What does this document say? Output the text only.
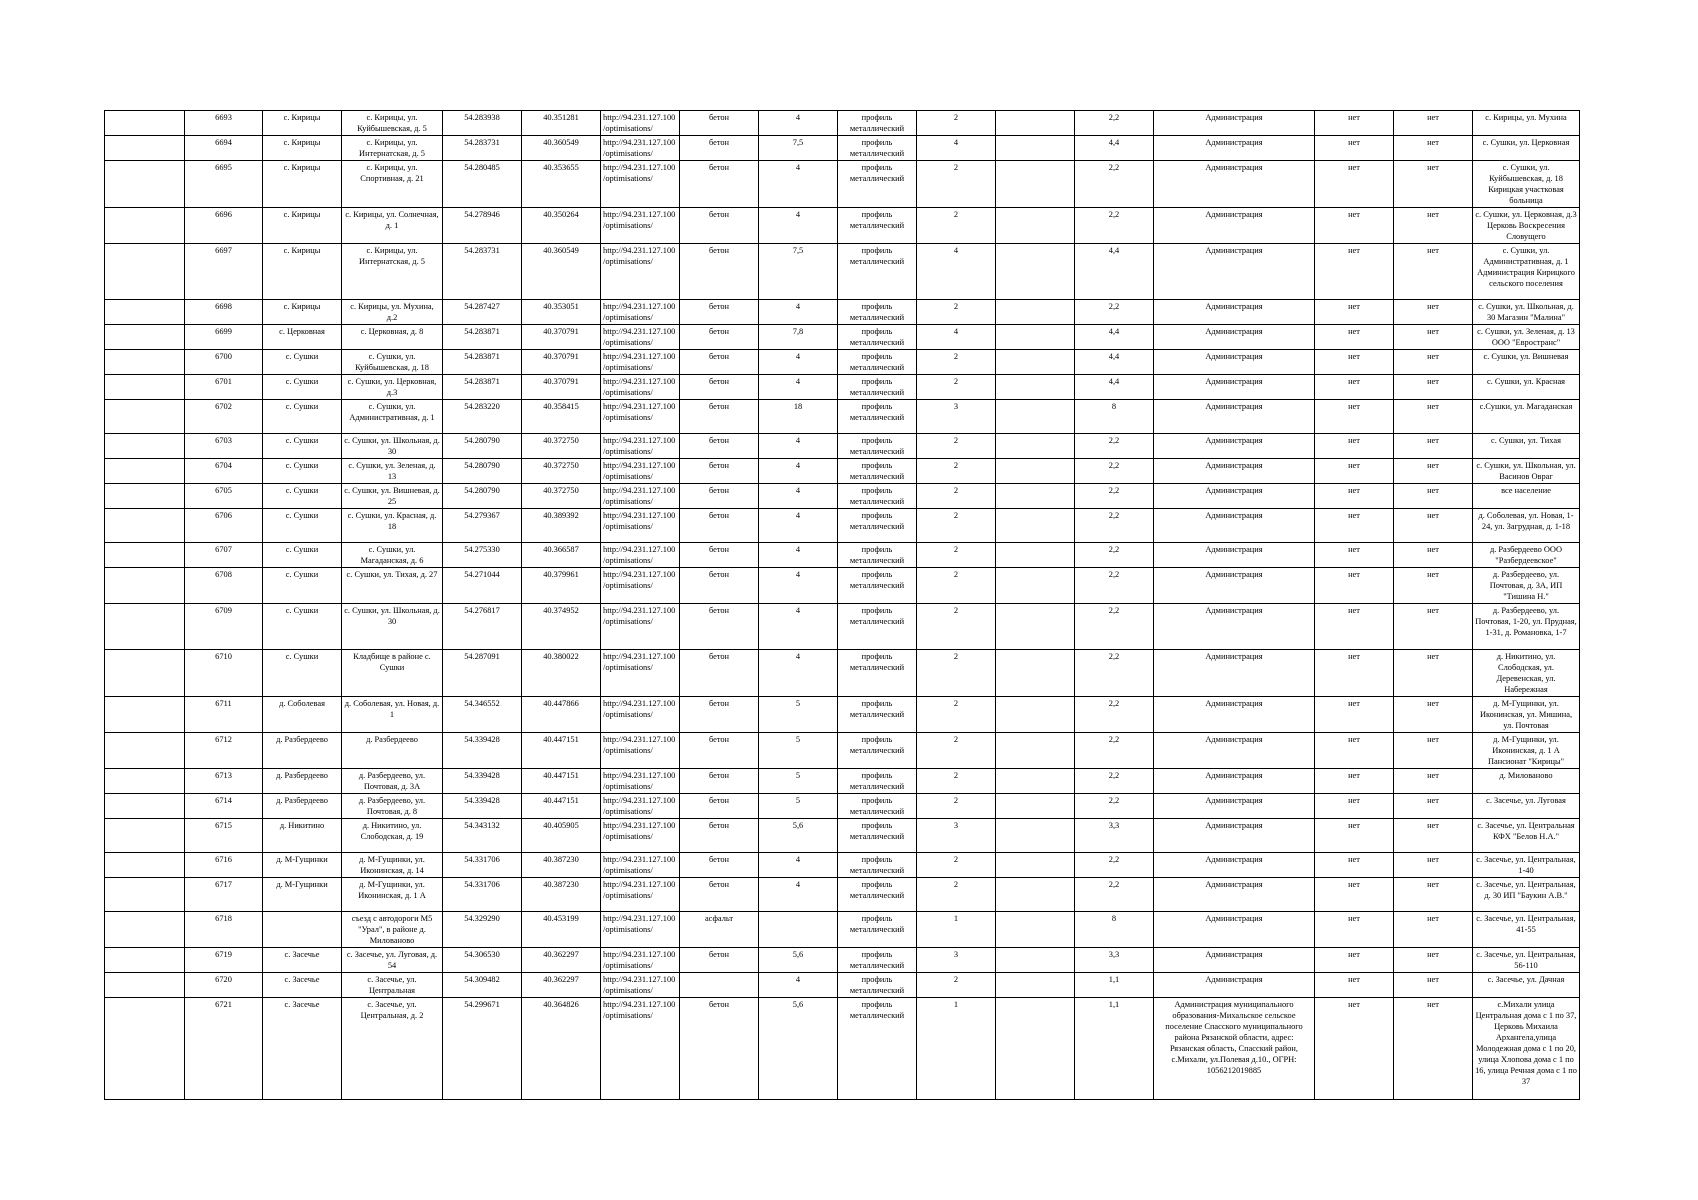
	6693	с. Кирицы	с. Кирицы, ул. Куйбышевская, д. 5	54.283938	40.351281	http://94.231.127.100/optimisations/	бетон	4	профиль металлический	2		2,2	Администрация	нет	нет	с. Кирицы, ул. Мухина
	6694	с. Кирицы	с. Кирицы, ул. Интернатская, д. 5	54.283731	40.360549	http://94.231.127.100/optimisations/	бетон	7,5	профиль металлический	4		4,4	Администрация	нет	нет	с. Сушки, ул. Церковная
	6695	с. Кирицы	с. Кирицы, ул. Спортивная, д. 21	54.280485	40.353655	http://94.231.127.100/optimisations/	бетон	4	профиль металлический	2		2,2	Администрация	нет	нет	с. Сушки, ул. Куйбышевская, д. 18 Кирицкая участковая больница
	6696	с. Кирицы	с. Кирицы, ул. Солнечная, д. 1	54.278946	40.350264	http://94.231.127.100/optimisations/	бетон	4	профиль металлический	2		2,2	Администрация	нет	нет	с. Сушки, ул. Церковная, д.3 Церковь Воскресения Словущего
	6697	с. Кирицы	с. Кирицы, ул. Интернатская, д. 5	54.283731	40.360549	http://94.231.127.100/optimisations/	бетон	7,5	профиль металлический	4		4,4	Администрация	нет	нет	с. Сушки, ул. Административная, д. 1 Администрация Кирицкого сельского поселения
	6698	с. Кирицы	с. Кирицы, ул. Мухина, д.2	54.287427	40.353051	http://94.231.127.100/optimisations/	бетон	4	профиль металлический	2		2,2	Администрация	нет	нет	с. Сушки, ул. Школьная, д. 30 Магазин "Малина"
	6699	с. Церковная	с. Церковная, д. 8	54.283871	40.370791	http://94.231.127.100/optimisations/	бетон	7,8	профиль металлический	4		4,4	Администрация	нет	нет	с. Сушки, ул. Зеленая, д. 13 ООО "Евространс"
	6700	с. Сушки	с. Сушки, ул. Куйбышевская, д. 18	54.283871	40.370791	http://94.231.127.100/optimisations/	бетон	4	профиль металлический	2		4,4	Администрация	нет	нет	с. Сушки, ул. Вишневая
	6701	с. Сушки	с. Сушки, ул. Церковная, д.3	54.283871	40.370791	http://94.231.127.100/optimisations/	бетон	4	профиль металлический	2		4,4	Администрация	нет	нет	с. Сушки, ул. Красная
	6702	с. Сушки	с. Сушки, ул. Административная, д. 1	54.283220	40.358415	http://94.231.127.100/optimisations/	бетон	18	профиль металлический	3		8	Администрация	нет	нет	с.Сушки, ул. Магаданская
	6703	с. Сушки	с. Сушки, ул. Школьная, д. 30	54.280790	40.372750	http://94.231.127.100/optimisations/	бетон	4	профиль металлический	2		2,2	Администрация	нет	нет	с. Сушки, ул. Тихая
	6704	с. Сушки	с. Сушки, ул. Зеленая, д. 13	54.280790	40.372750	http://94.231.127.100/optimisations/	бетон	4	профиль металлический	2		2,2	Администрация	нет	нет	с. Сушки, ул. Школьная, ул. Васинов Овраг
	6705	с. Сушки	с. Сушки, ул. Вишневая, д. 25	54.280790	40.372750	http://94.231.127.100/optimisations/	бетон	4	профиль металлический	2		2,2	Администрация	нет	нет	все население
	6706	с. Сушки	с. Сушки, ул. Красная, д. 18	54.279367	40.389392	http://94.231.127.100/optimisations/	бетон	4	профиль металлический	2		2,2	Администрация	нет	нет	д. Соболевая, ул. Новая, 1-24, ул. Загрудная, д. 1-18
	6707	с. Сушки	с. Сушки, ул. Магаданская, д. 6	54.275330	40.366587	http://94.231.127.100/optimisations/	бетон	4	профиль металлический	2		2,2	Администрация	нет	нет	д. Разбердеево ООО "Разбердеевское"
	6708	с. Сушки	с. Сушки, ул. Тихая, д. 27	54.271044	40.379961	http://94.231.127.100/optimisations/	бетон	4	профиль металлический	2		2,2	Администрация	нет	нет	д. Разбердеево, ул. Почтовая, д. 3А, ИП "Тишина Н."
	6709	с. Сушки	с. Сушки, ул. Школьная, д. 30	54.276817	40.374952	http://94.231.127.100/optimisations/	бетон	4	профиль металлический	2		2,2	Администрация	нет	нет	д. Разбердеево, ул. Почтовая, 1-20, ул. Прудная, 1-31, д. Романовка, 1-7
	6710	с. Сушки	Кладбище в районе с. Сушки	54.287091	40.380022	http://94.231.127.100/optimisations/	бетон	4	профиль металлический	2		2,2	Администрация	нет	нет	д. Никитино, ул. Слободская, ул. Деревенская, ул. Набережная
	6711	д. Соболевая	д. Соболевая, ул. Новая, д. 1	54.346552	40.447866	http://94.231.127.100/optimisations/	бетон	5	профиль металлический	2		2,2	Администрация	нет	нет	д. М-Гущинки, ул. Иконинская, ул. Мишина, ул. Почтовая
	6712	д. Разбердеево	д. Разбердеево	54.339428	40.447151	http://94.231.127.100/optimisations/	бетон	5	профиль металлический	2		2,2	Администрация	нет	нет	д. М-Гущинки, ул. Иконинская, д. 1 А Пансионат "Кирицы"
	6713	д. Разбердеево	д. Разбердеево, ул. Почтовая, д. 3А	54.339428	40.447151	http://94.231.127.100/optimisations/	бетон	5	профиль металлический	2		2,2	Администрация	нет	нет	д. Милованово
	6714	д. Разбердеево	д. Разбердеево, ул. Почтовая, д. 8	54.339428	40.447151	http://94.231.127.100/optimisations/	бетон	5	профиль металлический	2		2,2	Администрация	нет	нет	с. Засечье, ул. Луговая
	6715	д. Никитино	д. Никитино, ул. Слободская, д. 19	54.343132	40.405905	http://94.231.127.100/optimisations/	бетон	5,6	профиль металлический	3		3,3	Администрация	нет	нет	с. Засечье, ул. Центральная КФХ "Белов Н.А."
	6716	д. М-Гущинки	д. М-Гущинки, ул. Иконинская, д. 14	54.331706	40.387230	http://94.231.127.100/optimisations/	бетон	4	профиль металлический	2		2,2	Администрация	нет	нет	с. Засечье, ул. Центральная, 1-40
	6717	д. М-Гущинки	д. М-Гущинки, ул. Иконинская, д. 1 А	54.331706	40.387230	http://94.231.127.100/optimisations/	бетон	4	профиль металлический	2		2,2	Администрация	нет	нет	с. Засечье, ул. Центральная, д. 30 ИП "Баукин А.В."
	6718		съезд с автодороги М5 "Урал", в районе д. Милованово	54.329290	40.453199	http://94.231.127.100/optimisations/	асфальт		профиль металлический	1		8	Администрация	нет	нет	с. Засечье, ул. Центральная, 41-55
	6719	с. Засечье	с. Засечье, ул. Луговая, д. 54	54.306530	40.362297	http://94.231.127.100/optimisations/	бетон	5,6	профиль металлический	3		3,3	Администрация	нет	нет	с. Засечье, ул. Центральная, 56-110
	6720	с. Засечье	с. Засечье, ул. Центральная	54.309482	40.362297	http://94.231.127.100/optimisations/		4	профиль металлический	2		1,1	Администрация	нет	нет	с. Засечье, ул. Дачная
	6721	с. Засечье	с. Засечье, ул. Центральная, д. 2	54.299671	40.364826	http://94.231.127.100/optimisations/	бетон	5,6	профиль металлический	1		1,1	Администрация муниципального образования-Михальское сельское поселение Спасского муниципального района Рязанской области, адрес: Рязанская область, Спасский район, с.Михали, ул.Полевая д.10., ОГРН: 1056212019885	нет	нет	с.Михали улица Центральная дома с 1 по 37, Церковь Михаила Архангела,улица Молодежная дома с 1 по 20, улица Хлопова дома с 1 по 16, улица Речная дома с 1 по 37
